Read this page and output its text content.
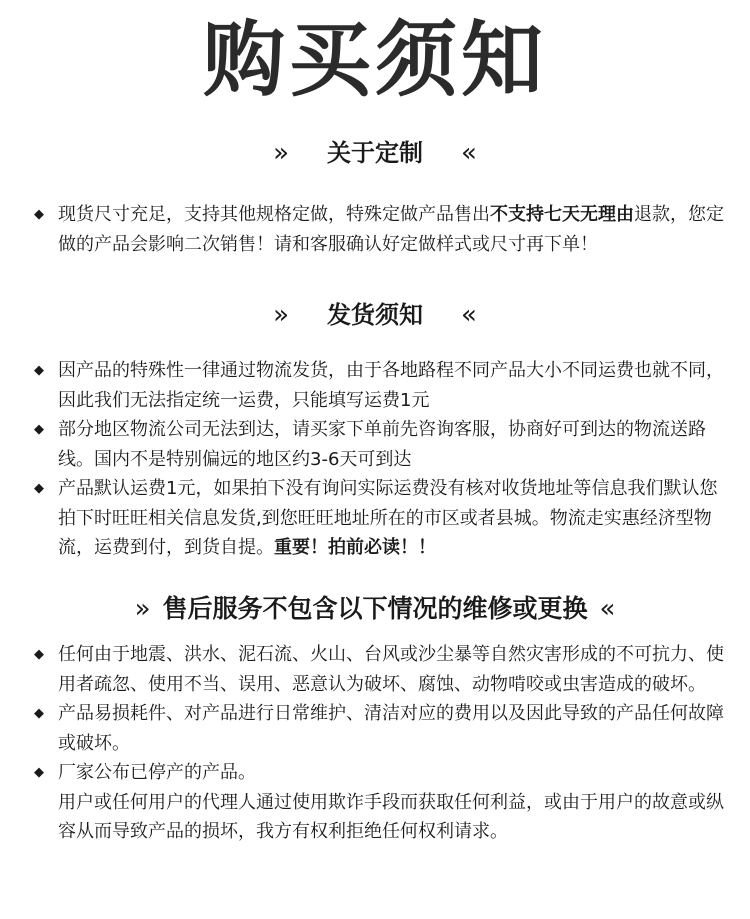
购买须知
» 关于定制 «

◆ 现货尺寸充足，支持其他规格定做，特殊定做产品售出不支持七天无理由退款，您定做的产品会影响二次销售！请和客服确认好定做样式或尺寸再下单！

» 发货须知 «

◆ 因产品的特殊性一律通过物流发货，由于各地路程不同产品大小不同运费也就不同，因此我们无法指定统一运费，只能填写运费1元

◆ 部分地区物流公司无法到达，请买家下单前先咨询客服，协商好可到达的物流送路线。国内不是特别偏远的地区约3-6天可到达

◆ 产品默认运费1元，如果拍下没有询问实际运费没有核对收货地址等信息我们默认您拍下时旺旺相关信息发货,到您旺旺地址所在的市区或者县城。物流走实惠经济型物流，运费到付，到货自提。重要！拍前必读！！

» 售后服务不包含以下情况的维修或更换 «

◆ 任何由于地震、洪水、泥石流、火山、台风或沙尘暴等自然灾害形成的不可抗力、使用者疏忽、使用不当、误用、恶意认为破坏、腐蚀、动物啃咬或虫害造成的破坏。

◆ 产品易损耗件、对产品进行日常维护、清洁对应的费用以及因此导致的产品任何故障或破坏。

◆ 厂家公布已停产的产品。

用户或任何用户的代理人通过使用欺诈手段而获取任何利益，或由于用户的故意或纵容从而导致产品的损坏，我方有权利拒绝任何权利请求。
